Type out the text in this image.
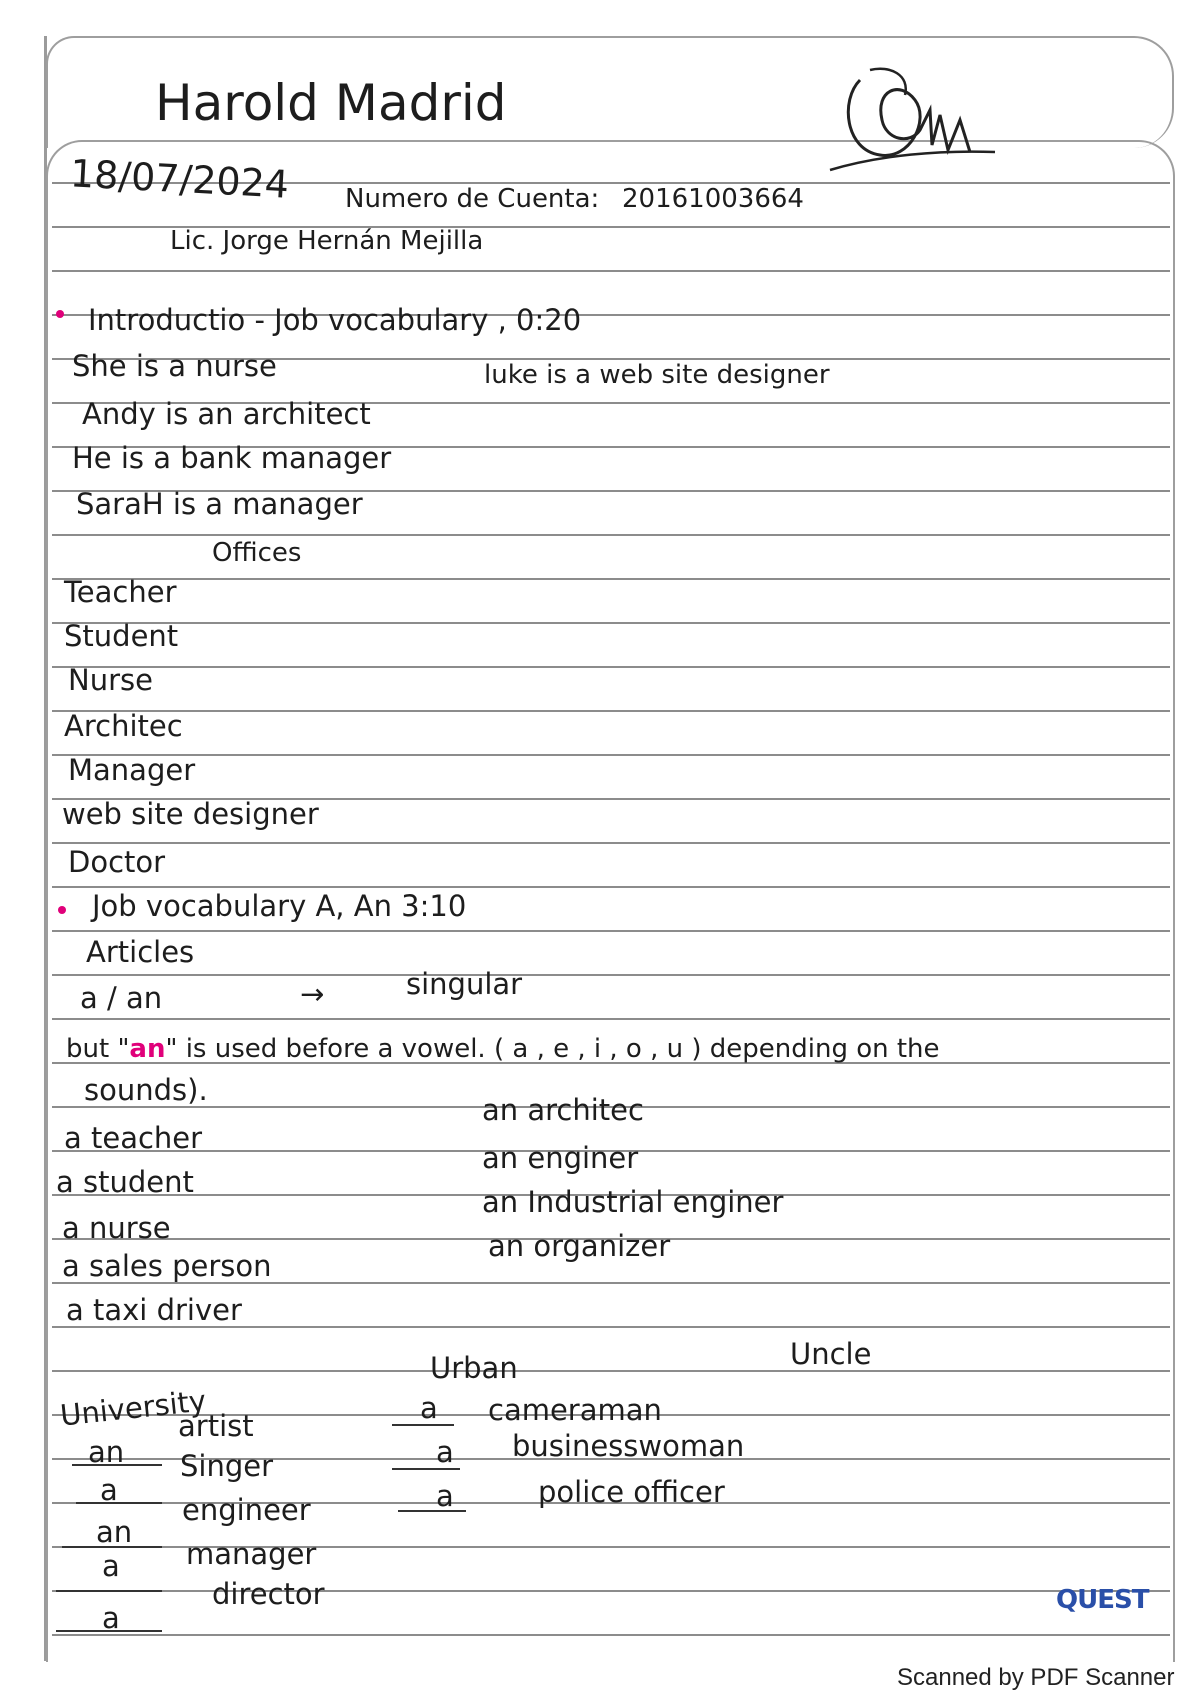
Harold Madrid
18/07/2024 Numero de Cuenta: 20161003664
Lic. Jorge Hernán Mejilla
Introductio - Job vocabulary , 0:20
She is a nurse	luke is a web site designer
Andy is an architect
He is a bank manager
SaraH is a manager
Offices
Teacher
Student
Nurse
Architec
Manager
web site designer
Doctor
Job vocabulary A, An 3:10
Articles
a / an	→	singular
but "an" is used before a vowel. ( a , e , i , o , u ) depending on the
sounds).
a teacher
a student
a nurse
a sales person
a taxi driver
an architec
an enginer
an Industrial enginer
an organizer
Urban	Uncle
University
an
artist
a
Singer
an
engineer
a manager
a
director
a cameraman
a businesswoman
a	police officer
QUEST
Scanned by PDF Scanner
